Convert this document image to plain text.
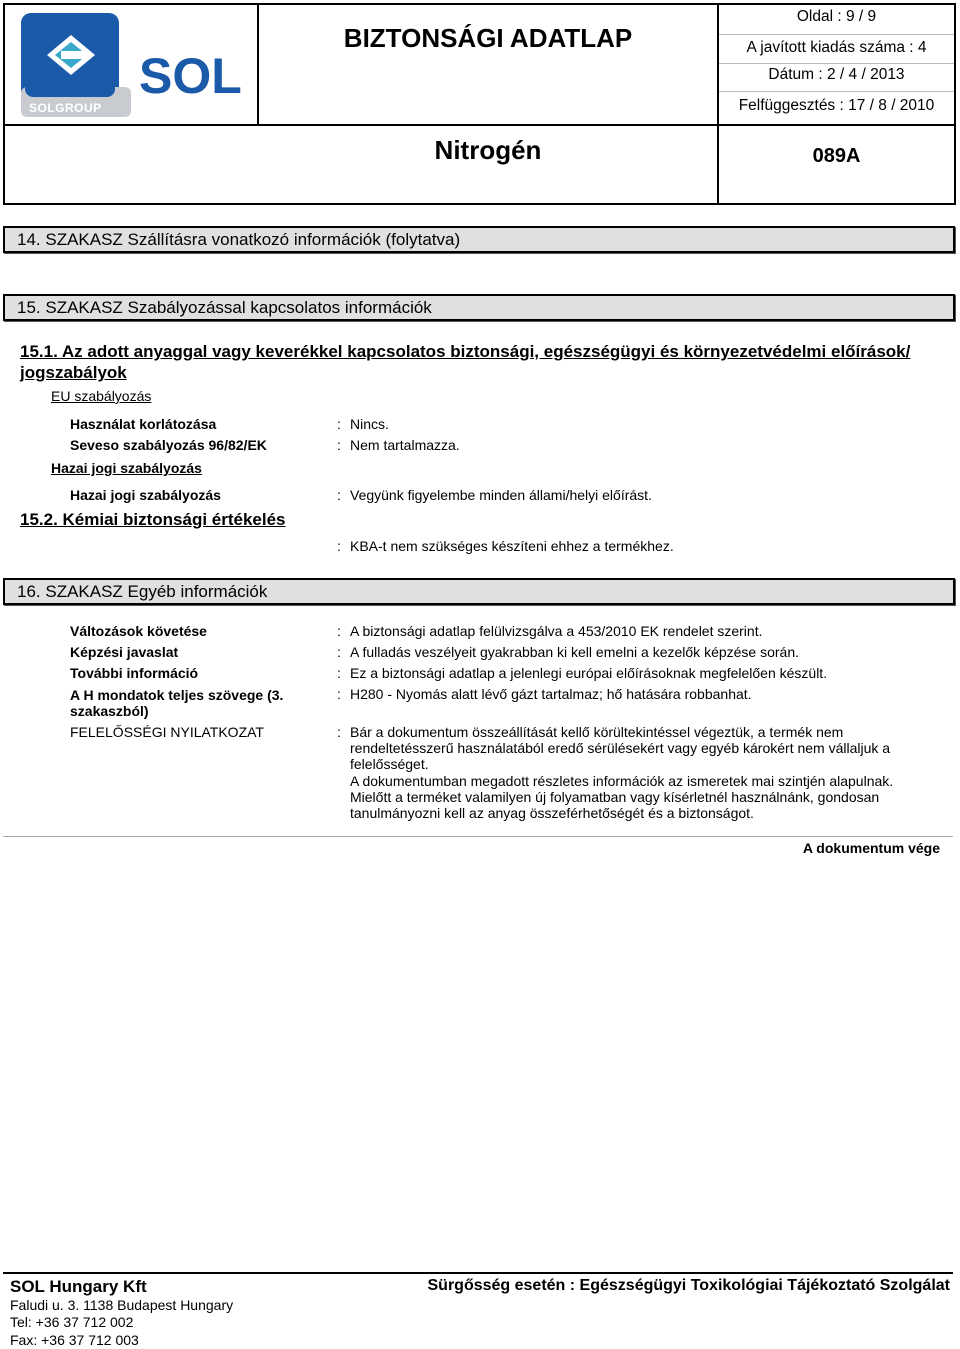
SOL
SOLGROUP
BIZTONSÁGI ADATLAP
Oldal : 9 / 9
A javított kiadás száma : 4
Dátum : 2 / 4 / 2013
Felfüggesztés : 17 / 8 / 2010
Nitrogén	089A
14. SZAKASZ Szállításra vonatkozó információk (folytatva)
15. SZAKASZ Szabályozással kapcsolatos információk
15.1. Az adott anyaggal vagy keverékkel kapcsolatos biztonsági, egészségügyi és környezetvédelmi előírások/ jogszabályok
EU szabályozás
Használat korlátozása	: Nincs.
Seveso szabályozás 96/82/EK	: Nem tartalmazza.
Hazai jogi szabályozás
Hazai jogi szabályozás	: Vegyünk figyelembe minden állami/helyi előírást.
15.2. Kémiai biztonsági értékelés
: KBA-t nem szükséges készíteni ehhez a termékhez.
16. SZAKASZ Egyéb információk
Változások követése	: A biztonsági adatlap felülvizsgálva a 453/2010 EK rendelet szerint.
Képzési javaslat	: A fulladás veszélyeit gyakrabban ki kell emelni a kezelők képzése során.
További információ	: Ez a biztonsági adatlap a jelenlegi európai előírásoknak megfelelően készült.
A H mondatok teljes szövege (3. szakaszból)
: H280 - Nyomás alatt lévő gázt tartalmaz; hő hatására robbanhat.
FELELŐSSÉGI NYILATKOZAT	: Bár a dokumentum összeállítását kellő körültekintéssel végeztük, a termék nem rendeltetésszerű használatából eredő sérülésekért vagy egyéb károkért nem vállaljuk a felelősséget.
A dokumentumban megadott részletes információk az ismeretek mai szintjén alapulnak. Mielőtt a terméket valamilyen új folyamatban vagy kísérletnél használnánk, gondosan tanulmányozni kell az anyag összeférhetőségét és a biztonságot.
A dokumentum vége
SOL Hungary Kft	Sürgősség esetén : Egészségügyi Toxikológiai Tájékoztató Szolgálat
Faludi u. 3. 1138 Budapest Hungary
Tel: +36 37 712 002
Fax: +36 37 712 003
